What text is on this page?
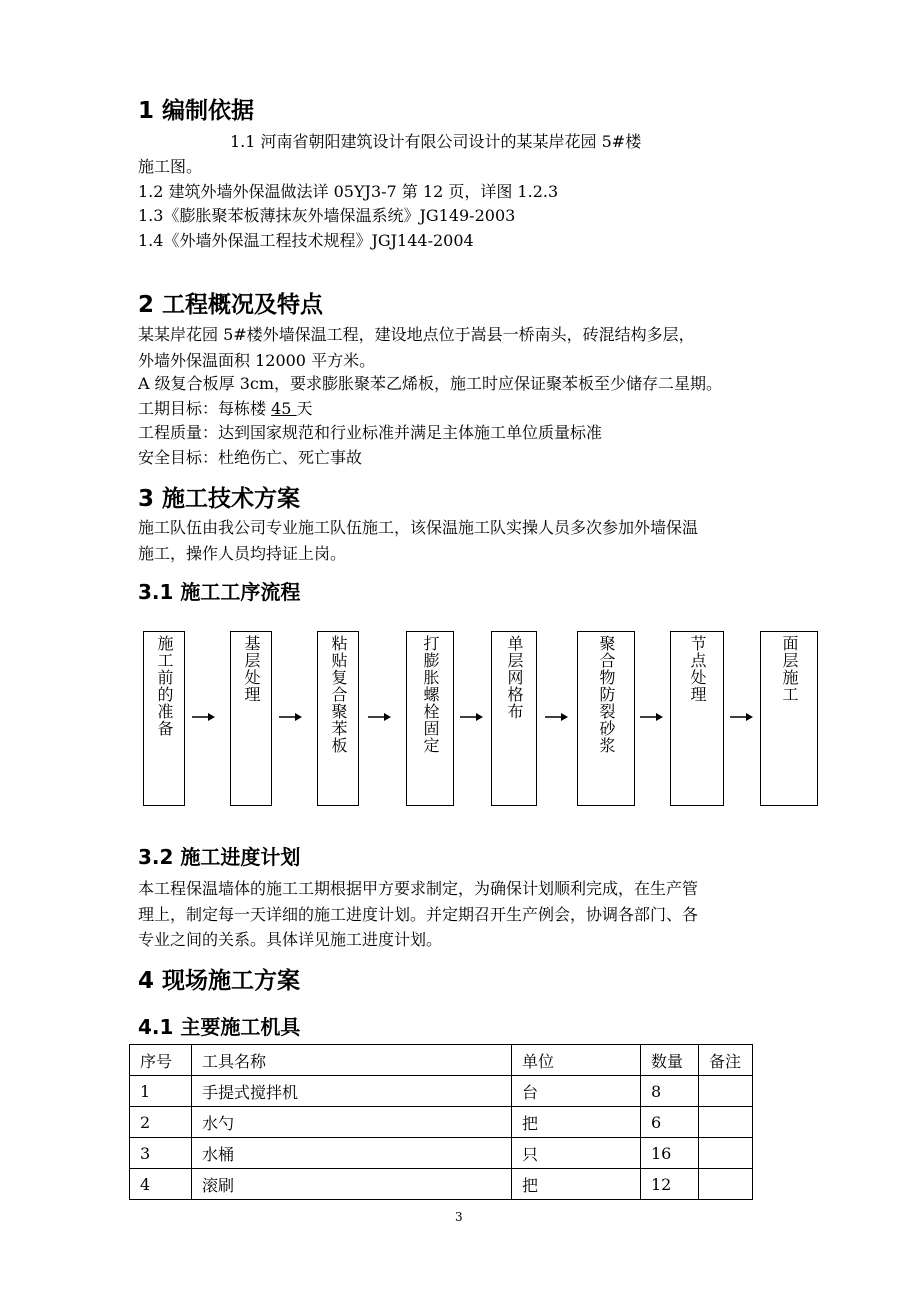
1 编制依据
1.1 河南省朝阳建筑设计有限公司设计的某某岸花园 5#楼
施工图。
1.2 建筑外墙外保温做法详 05YJ3-7 第 12 页，详图 1.2.3
1.3《膨胀聚苯板薄抹灰外墙保温系统》JG149-2003
1.4《外墙外保温工程技术规程》JGJ144-2004
2 工程概况及特点
某某岸花园 5#楼外墙保温工程，建设地点位于嵩县一桥南头，砖混结构多层，
外墙外保温面积 12000 平方米。
A 级复合板厚 3cm，要求膨胀聚苯乙烯板，施工时应保证聚苯板至少储存二星期。
工期目标：每栋楼 45 天
工程质量：达到国家规范和行业标准并满足主体施工单位质量标准
安全目标：杜绝伤亡、死亡事故
3 施工技术方案
施工队伍由我公司专业施工队伍施工，该保温施工队实操人员多次参加外墙保温
施工，操作人员均持证上岗。
3.1 施工工序流程
施工前的准备	基层处理	粘贴复合聚苯板	打膨胀螺栓固定	单层网格布	聚合物防裂砂浆	节点处理	面层施工
3.2 施工进度计划
本工程保温墙体的施工工期根据甲方要求制定，为确保计划顺利完成，在生产管
理上，制定每一天详细的施工进度计划。并定期召开生产例会，协调各部门、各
专业之间的关系。具体详见施工进度计划。
4 现场施工方案
4.1 主要施工机具
序号	工具名称	单位	数量	备注
1	手提式搅拌机	台	8	
2	水勺	把	6	
3	水桶	只	16	
4	滚刷	把	12	
3
